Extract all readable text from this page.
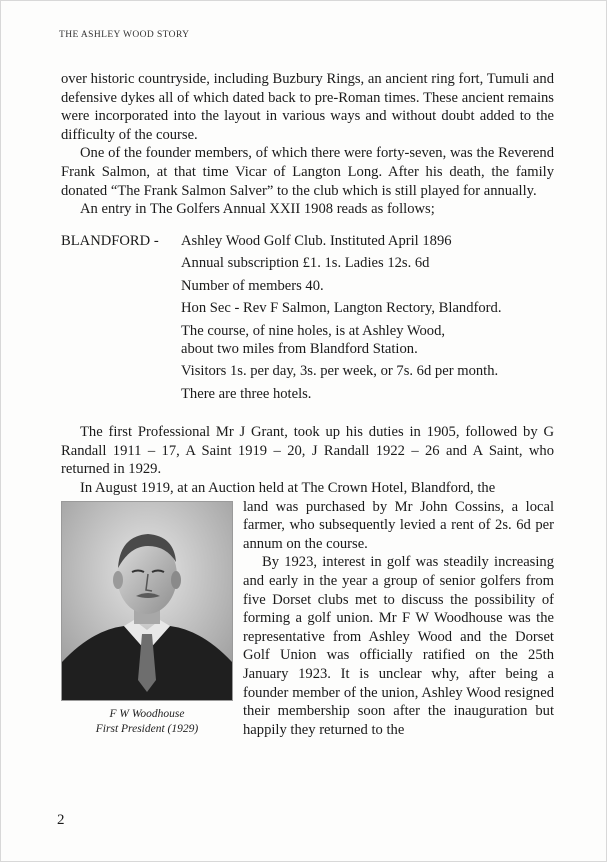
THE ASHLEY WOOD STORY

over historic countryside, including Buzbury Rings, an ancient ring fort, Tumuli and defensive dykes all of which dated back to pre-Roman times. These ancient remains were incorporated into the layout in various ways and without doubt added to the difficulty of the course.

One of the founder members, of which there were forty-seven, was the Reverend Frank Salmon, at that time Vicar of Langton Long. After his death, the family donated “The Frank Salmon Salver” to the club which is still played for annually.

An entry in The Golfers Annual XXII 1908 reads as follows;

BLANDFORD -	Ashley Wood Golf Club. Instituted April 1896
Annual subscription £1. 1s. Ladies 12s. 6d
Number of members 40.
Hon Sec - Rev F Salmon, Langton Rectory, Blandford.
The course, of nine holes, is at Ashley Wood,
about two miles from Blandford Station.
Visitors 1s. per day, 3s. per week, or 7s. 6d per month.
There are three hotels.

The first Professional Mr J Grant, took up his duties in 1905, followed by G Randall 1911 – 17, A Saint 1919 – 20, J Randall 1922 – 26 and A Saint, who returned in 1929.

In August 1919, at an Auction held at The Crown Hotel, Blandford, the

F W Woodhouse
First President (1929)

land was purchased by Mr John Cossins, a local farmer, who subsequently levied a rent of 2s. 6d per annum on the course.

By 1923, interest in golf was steadily increasing and early in the year a group of senior golfers from five Dorset clubs met to discuss the possibility of forming a golf union. Mr F W Woodhouse was the representative from Ashley Wood and the Dorset Golf Union was officially ratified on the 25th January 1923. It is unclear why, after being a founder member of the union, Ashley Wood resigned their membership soon after the inauguration but happily they returned to the

2
